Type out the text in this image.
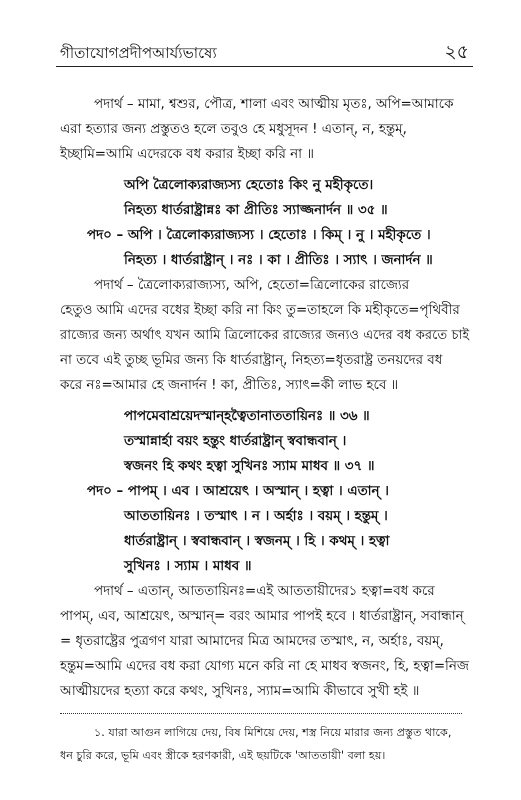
গীতাযোগপ্রদীপআর্য্যভাষ্যে	২৫
পদার্থ – মামা, শ্বশুর, পৌত্র, শালা এবং আত্মীয় মৃতঃ, অপি=আমাকে
এরা হত্যার জন্য প্রস্তুতও হলে তবুও হে মধুসূদন ! এতান্, ন, হন্তুম্,
ইচ্ছামি=আমি এদেরকে বধ করার ইচ্ছা করি না ॥
অপি ত্রৈলোক্যরাজ্যস্য হেতোঃ কিং নু মহীকৃতে।
নিহত্য ধার্তরাষ্ট্রান্নঃ কা প্রীতিঃ স্যাজ্জনার্দন ॥ ৩৫ ॥
পদ০ – অপি । ত্রৈলোক্যরাজ্যস্য । হেতোঃ । কিম্ । নু । মহীকৃতে ।
নিহত্য । ধার্তরাষ্ট্রান্ । নঃ । কা । প্রীতিঃ । স্যাৎ । জনার্দন ॥
পদার্থ – ত্রৈলোক্যরাজ্যস্য, অপি, হেতো=ত্রিলোকের রাজ্যের
হেতুও আমি এদের বধের ইচ্ছা করি না কিং তু=তাহলে কি মহীকৃতে=পৃথিবীর
রাজ্যের জন্য অর্থাৎ যখন আমি ত্রিলোকের রাজ্যের জন্যও এদের বধ করতে চাই
না তবে এই তুচ্ছ ভূমির জন্য কি ধার্তরাষ্ট্রান্, নিহত্য=ধৃতরাষ্ট্র তনয়দের বধ
করে নঃ=আমার হে জনার্দন ! কা, প্রীতিঃ, স্যাৎ=কী লাভ হবে ॥
পাপমেবাশ্রয়েদস্মান্হত্বৈতানাততায়িনঃ ॥ ৩৬ ॥
তস্মান্নার্হা বয়ং হন্তুং ধার্তরাষ্ট্রান্ স্ববান্ধবান্ ।
স্বজনং হি কথং হত্বা সুখিনঃ স্যাম মাধব ॥ ৩৭ ॥
পদ০ – পাপম্ । এব । আশ্রয়েৎ । অস্মান্ । হত্বা । এতান্ ।
আততায়িনঃ । তস্মাৎ । ন । অর্হাঃ । বয়ম্ । হন্তুম্ ।
ধার্তরাষ্ট্রান্ । স্ববান্ধবান্ । স্বজনম্ । হি । কথম্ । হত্বা
সুখিনঃ । স্যাম । মাধব ॥
পদার্থ – এতান্, আততায়িনঃ=এই আততায়ীদের১ হত্বা=বধ করে
পাপম্, এব, আশ্রয়েৎ, অস্মান্= বরং আমার পাপই হবে । ধার্তরাষ্ট্রান্, সবান্ধান্
= ধৃতরাষ্ট্রের পুত্রগণ যারা আমাদের মিত্র আমদের তস্মাৎ, ন, অর্হাঃ, বয়ম্,
হন্তুম=আমি এদের বধ করা যোগ্য মনে করি না হে মাধব স্বজনং, হি, হত্বা=নিজ
আত্মীয়দের হত্যা করে কথং, সুখিনঃ, স্যাম=আমি কীভাবে সুখী হই ॥
১. যারা আগুন লাগিয়ে দেয়, বিষ মিশিয়ে দেয়, শস্ত্র নিয়ে মারার জন্য প্রস্তুত থাকে,
ধন চুরি করে, ভূমি এবং স্ত্রীকে হরণকারী, এই ছয়টিকে 'আততায়ী' বলা হয়।
